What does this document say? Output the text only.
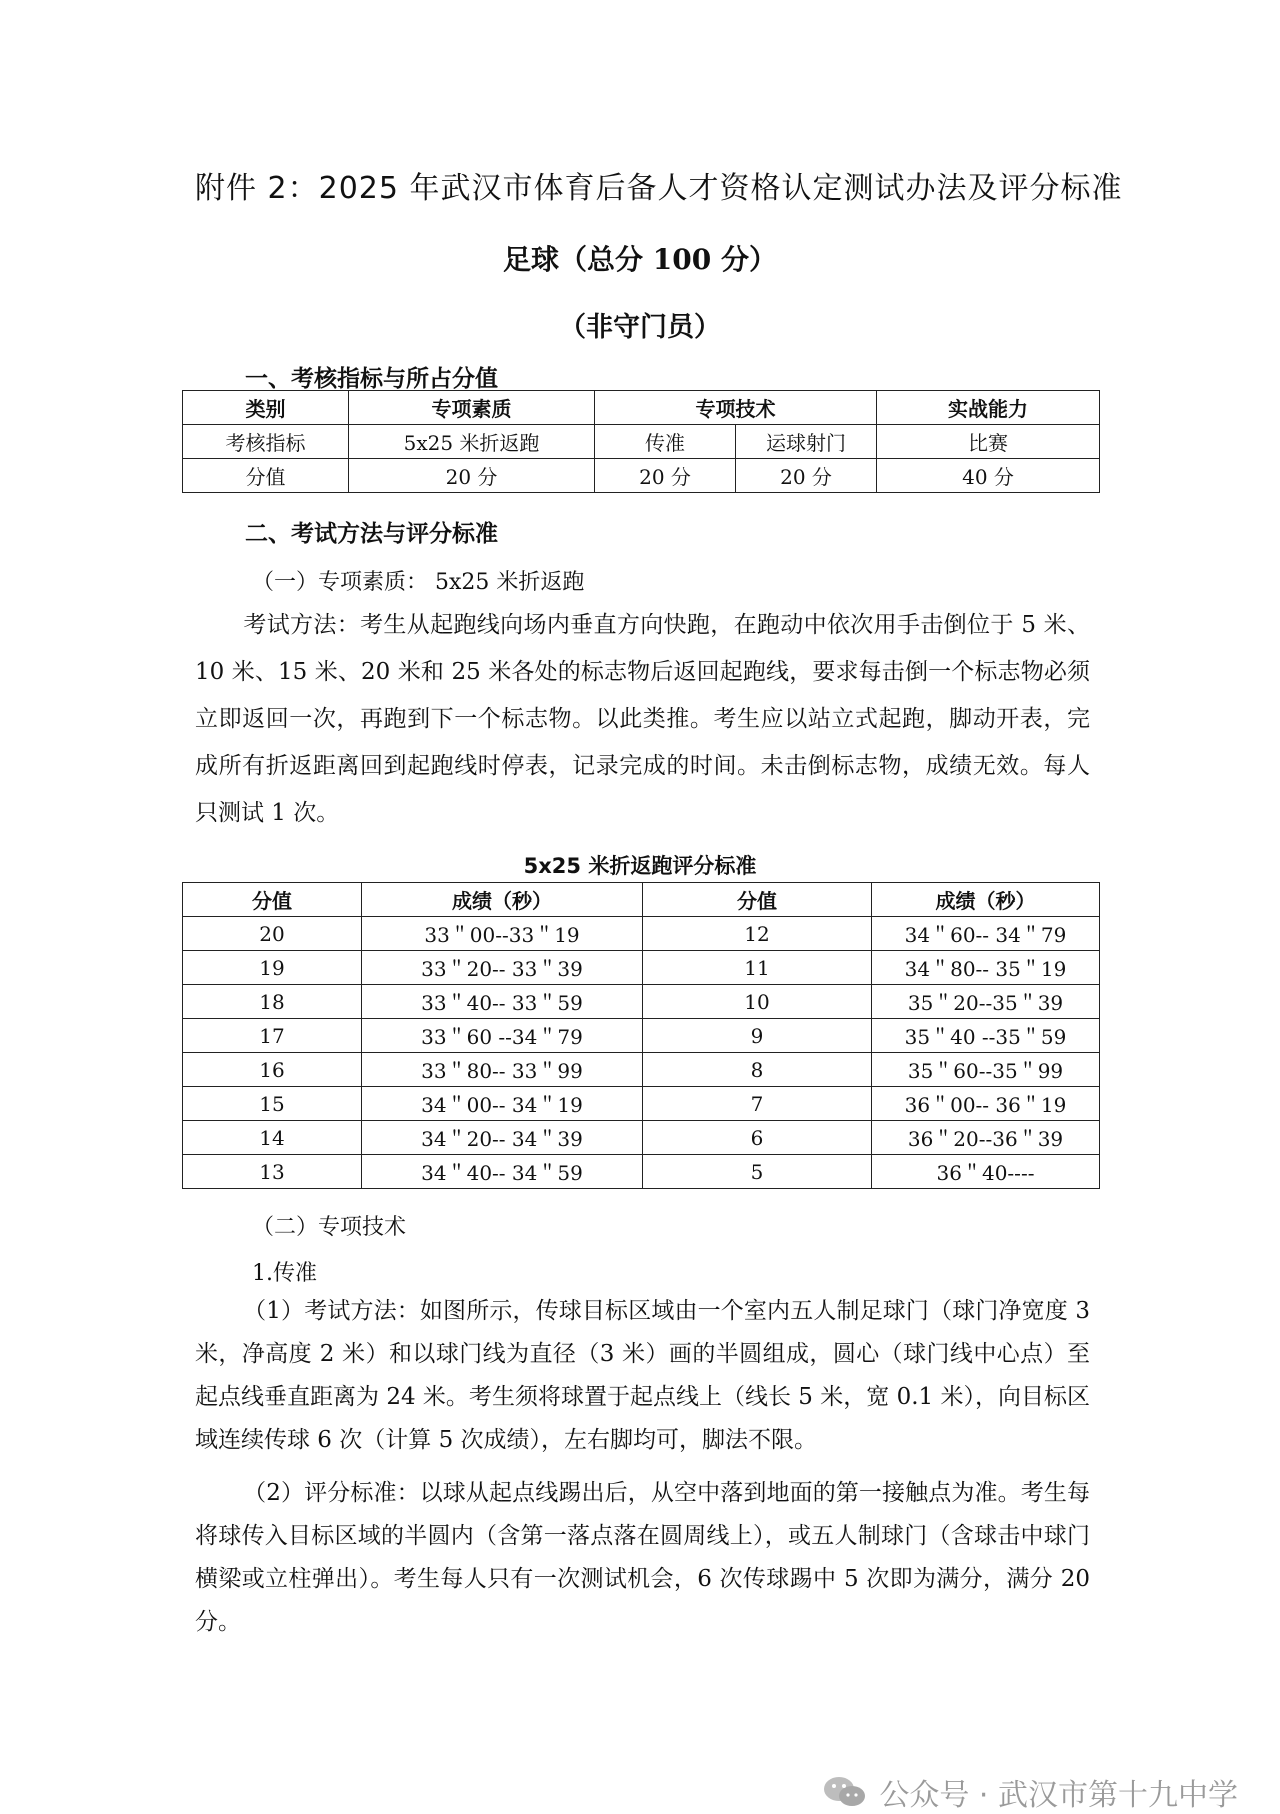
附件 2：2025 年武汉市体育后备人才资格认定测试办法及评分标准
足球（总分 100 分）
（非守门员）
一、考核指标与所占分值
类别	专项素质	专项技术		实战能力
考核指标	5x25 米折返跑	传准	运球射门	比赛
分值	20 分	20 分	20 分	40 分
二、考试方法与评分标准
（一）专项素质： 5x25 米折返跑
考试方法：考生从起跑线向场内垂直方向快跑，在跑动中依次用手击倒位于 5 米、10 米、15 米、20 米和 25 米各处的标志物后返回起跑线，要求每击倒一个标志物必须立即返回一次，再跑到下一个标志物。以此类推。考生应以站立式起跑，脚动开表，完成所有折返距离回到起跑线时停表，记录完成的时间。未击倒标志物，成绩无效。每人只测试 1 次。
5x25 米折返跑评分标准
分值	成绩（秒）	分值	成绩（秒）
20	33＂00--33＂19	12	34＂60-- 34＂79
19	33＂20-- 33＂39	11	34＂80-- 35＂19
18	33＂40-- 33＂59	10	35＂20--35＂39
17	33＂60 --34＂79	9	35＂40 --35＂59
16	33＂80-- 33＂99	8	35＂60--35＂99
15	34＂00-- 34＂19	7	36＂00-- 36＂19
14	34＂20-- 34＂39	6	36＂20--36＂39
13	34＂40-- 34＂59	5	36＂40----
（二）专项技术
1.传准
（1）考试方法：如图所示，传球目标区域由一个室内五人制足球门（球门净宽度 3 米，净高度 2 米）和以球门线为直径（3 米）画的半圆组成，圆心（球门线中心点）至起点线垂直距离为 24 米。考生须将球置于起点线上（线长 5 米，宽 0.1 米），向目标区域连续传球 6 次（计算 5 次成绩），左右脚均可，脚法不限。
（2）评分标准：以球从起点线踢出后，从空中落到地面的第一接触点为准。考生每将球传入目标区域的半圆内（含第一落点落在圆周线上），或五人制球门（含球击中球门横梁或立柱弹出）。考生每人只有一次测试机会，6 次传球踢中 5 次即为满分，满分 20 分。
公众号 · 武汉市第十九中学
